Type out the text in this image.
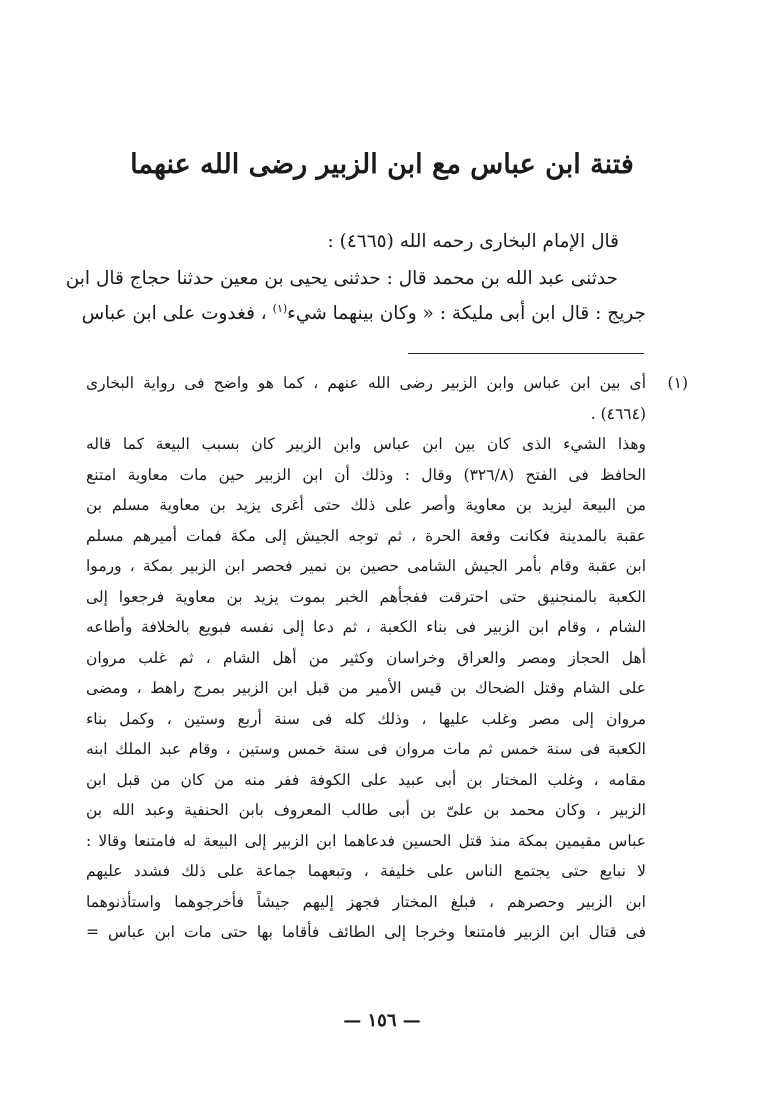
فتنة ابن عباس مع ابن الزبير رضى الله عنهما
قال الإمام البخارى رحمه الله (٤٦٦٥) :
حدثنى عبد الله بن محمد قال : حدثنى يحيى بن معين حدثنا حجاج قال ابن
جريج : قال ابن أبى مليكة : « وكان بينهما شيء$^{(١)}$ ، فغدوت على ابن عباس
(١)
أى بين ابن عباس وابن الزبير رضى الله عنهم ، كما هو واضح فى رواية البخارى
(٤٦٦٤) .
وهذا الشيء الذى كان بين ابن عباس وابن الزبير كان بسبب البيعة كما قاله
الحافظ فى الفتح (٣٢٦/٨) وقال : وذلك أن ابن الزبير حين مات معاوية امتنع
من البيعة ليزيد بن معاوية وأصر على ذلك حتى أغرى يزيد بن معاوية مسلم بن
عقبة بالمدينة فكانت وقعة الحرة ، ثم توجه الجيش إلى مكة فمات أميرهم مسلم
ابن عقبة وقام بأمر الجيش الشامى حصين بن نمير فحصر ابن الزبير بمكة ، ورموا
الكعبة بالمنجنيق حتى احترقت ففجأهم الخبر بموت يزيد بن معاوية فرجعوا إلى
الشام ، وقام ابن الزبير فى بناء الكعبة ، ثم دعا إلى نفسه فبويع بالخلافة وأطاعه
أهل الحجاز ومصر والعراق وخراسان وكثير من أهل الشام ، ثم غلب مروان
على الشام وقتل الضحاك بن قيس الأمير من قبل ابن الزبير بمرج راهط ، ومضى
مروان إلى مصر وغلب عليها ، وذلك كله فى سنة أربع وستين ، وكمل بناء
الكعبة فى سنة خمس ثم مات مروان فى سنة خمس وستين ، وقام عبد الملك ابنه
مقامه ، وغلب المختار بن أبى عبيد على الكوفة ففر منه من كان من قبل ابن
الزبير ، وكان محمد بن علىّ بن أبى طالب المعروف بابن الحنفية وعبد الله بن
عباس مقيمين بمكة منذ قتل الحسين فدعاهما ابن الزبير إلى البيعة له فامتنعا وقالا :
لا نبايع حتى يجتمع الناس على خليفة ، وتبعهما جماعة على ذلك فشدد عليهم
ابن الزبير وحصرهم ، فبلغ المختار فجهز إليهم جيشاً فأخرجوهما واستأذنوهما
فى قتال ابن الزبير فامتنعا وخرجا إلى الطائف فأقاما بها حتى مات ابن عباس =
— ١٥٦ —
